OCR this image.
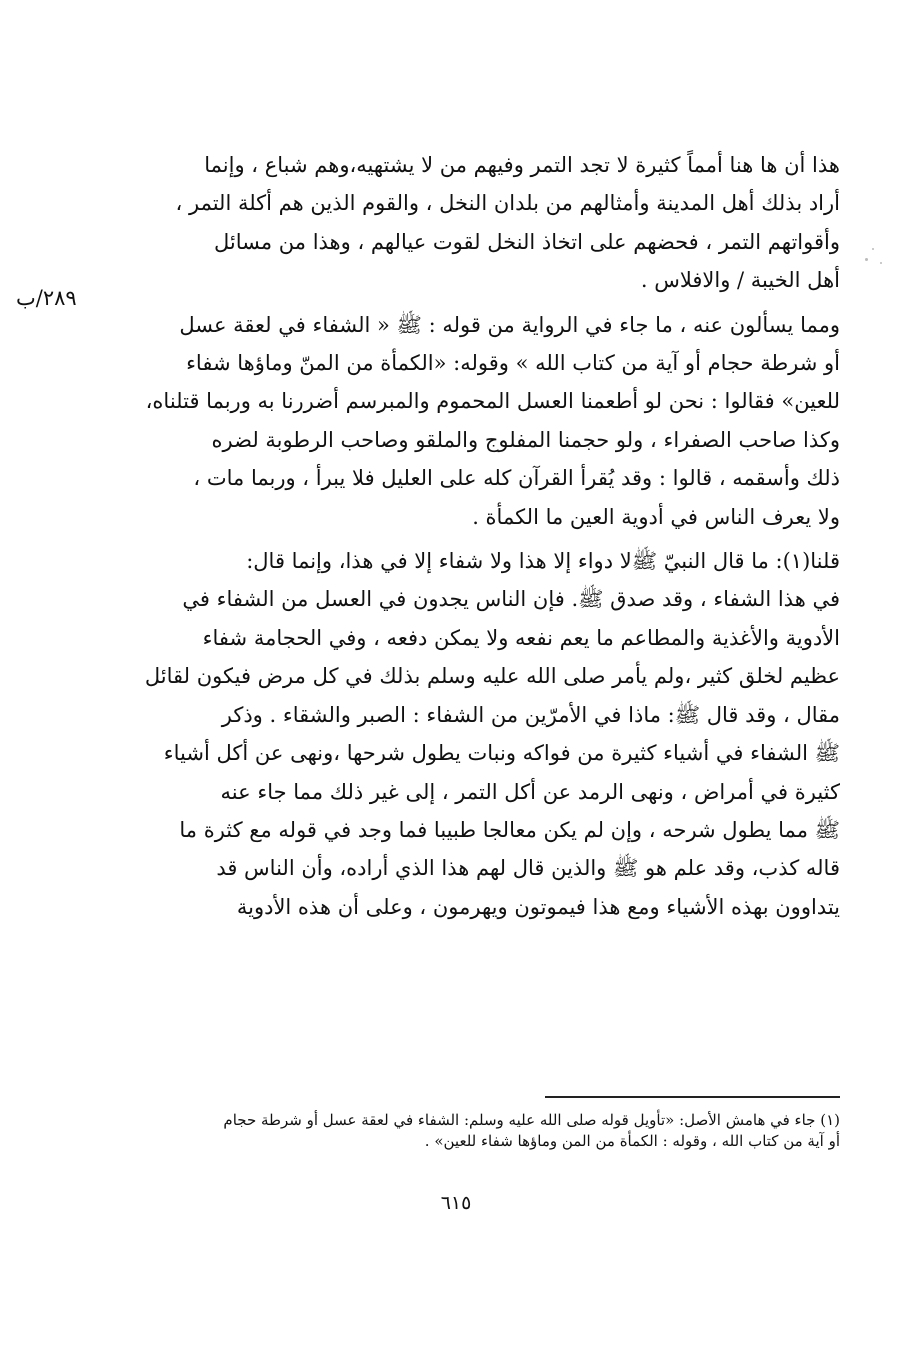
٢٨٩/ب

هذا أن ها هنا أمماً كثيرة لا تجد التمر وفيهم من لا يشتهيه،وهم شباع ، وإنما
أراد بذلك أهل المدينة وأمثالهم من بلدان النخل ، والقوم الذين هم أكلة التمر ،
وأقواتهم التمر ، فحضهم على اتخاذ النخل لقوت عيالهم ، وهذا من مسائل
أهل الخيبة / والافلاس .

ومما يسألون عنه ، ما جاء في الرواية من قوله : ﷺ « الشفاء في لعقة عسل
أو شرطة حجام أو آية من كتاب الله » وقوله: «الكمأة من المنّ وماؤها شفاء
للعين» فقالوا : نحن لو أطعمنا العسل المحموم والمبرسم أضررنا به وربما قتلناه،
وكذا صاحب الصفراء ، ولو حجمنا المفلوج والملقو وصاحب الرطوبة لضره
ذلك وأسقمه ، قالوا : وقد يُقرأ القرآن كله على العليل فلا يبرأ ، وربما مات ،
ولا يعرف الناس في أدوية العين ما الكمأة .

قلنا(١): ما قال النبيّ ﷺلا دواء إلا هذا ولا شفاء إلا في هذا، وإنما قال:
في هذا الشفاء ، وقد صدق ﷺ. فإن الناس يجدون في العسل من الشفاء في
الأدوية والأغذية والمطاعم ما يعم نفعه ولا يمكن دفعه ، وفي الحجامة شفاء
عظيم لخلق كثير ،ولم يأمر صلى الله عليه وسلم بذلك في كل مرض فيكون لقائل
مقال ، وقد قال ﷺ: ماذا في الأمرّين من الشفاء : الصبر والشقاء . وذكر
ﷺ الشفاء في أشياء كثيرة من فواكه ونبات يطول شرحها ،ونهى عن أكل أشياء
كثيرة في أمراض ، ونهى الرمد عن أكل التمر ، إلى غير ذلك مما جاء عنه
ﷺ مما يطول شرحه ، وإن لم يكن معالجا طبيبا فما وجد في قوله مع كثرة ما
قاله كذب، وقد علم هو ﷺ والذين قال لهم هذا الذي أراده، وأن الناس قد
يتداوون بهذه الأشياء ومع هذا فيموتون ويهرمون ، وعلى أن هذه الأدوية

(١) جاء في هامش الأصل: «تأويل قوله صلى الله عليه وسلم: الشفاء في لعقة عسل أو شرطة حجام
أو آية من كتاب الله ، وقوله : الكمأة من المن وماؤها شفاء للعين» .
٦١٥
